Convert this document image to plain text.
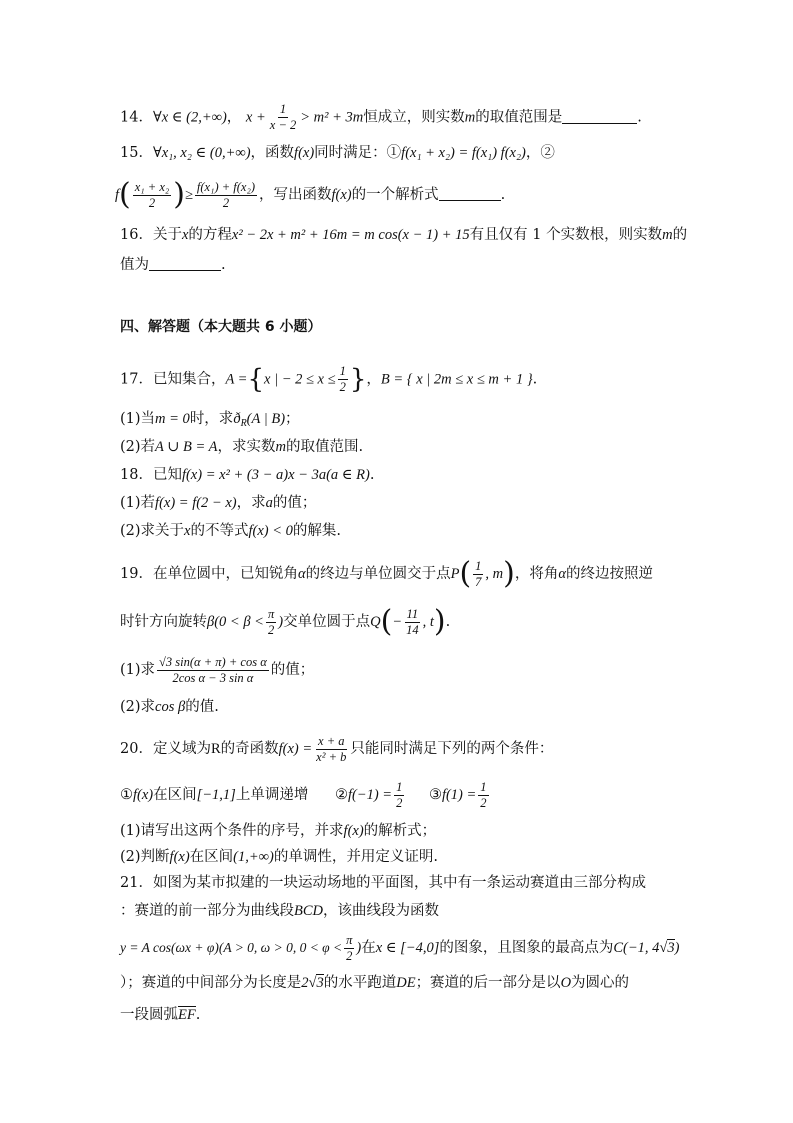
14．∀x ∈ (2,+∞)， $x + \frac{1}{x - 2} > m^2 + 3m$恒成立，则实数m的取值范围是	.
15．∀x₁, x₂ ∈ (0,+∞)，函数f(x)同时满足：①f(x₁ + x₂) = f(x₁) f(x₂)，②
$f( \frac{\text{x₁ + x₂}}{2}$ )≥ $\frac{\text{f(x₁) + f(x₂)}}{2}$ ，写出函数f(x)的一个解析式	.
16．关于x的方程x² − 2x + m² + 16m = m cos(x − 1) + 15有且仅有 1 个实数根，则实数m的
值为	.
四、解答题（本大题共 6 小题）
17．已知集合，A ={x | − $2 \le x \le \frac{1}{2}$ }，B = { x | 2m ≤ x ≤ m + 1 }.
(1)当m = 0时，求$ð_R(A$ | B)；
(2)若A ∪ B = A，求实数m的取值范围.
18．已知f(x) = x² + (3 − a)x − 3a(a ∈ R).
(1)若f(x) = f(2 − x)，求a的值；
(2)求关于x的不等式f(x) < 0的解集.
19．在单位圆中，已知锐角α的终边与单位圆交于点$P( \frac{1}{7}$ , m)，将角α的终边按照逆
时针方向旋转$\beta(0 < \beta < \frac{\pi}{2}$ )交单位圆于点$Q(- \frac{11}{14}$ , t).
(1)求 $\frac{\text{√3 sin(α + π) + cos α}}{\text{2cos α − 3 sin α}}$ 的值；
(2)求cos β的值.
20．定义域为R的奇函数$f(x) = \frac{x + a}{\text{x² + b}}$ 只能同时满足下列的两个条件：
①f(x)在区间[−1,1]上单调递增 ②f(−1) = $\frac{1}{2}$ ③f(1) = $\frac{1}{2}$
(1)请写出这两个条件的序号，并求f(x)的解析式；
(2)判断f(x)在区间(1,+∞)的单调性，并用定义证明.
21．如图为某市拟建的一块运动场地的平面图，其中有一条运动赛道由三部分构成
：赛道的前一部分为曲线段BCD，该曲线段为函数
y = A cos(ωx + φ)(A > 0, ω > 0, $0 < \varphi < \frac{\pi}{2}$ )在x ∈ [−4,0]的图象，且图象的最高点为C(−1, 4√3)
）；赛道的中间部分为长度是2√3的水平跑道DE；赛道的后一部分是以O为圆心的
一段圆弧EF.
